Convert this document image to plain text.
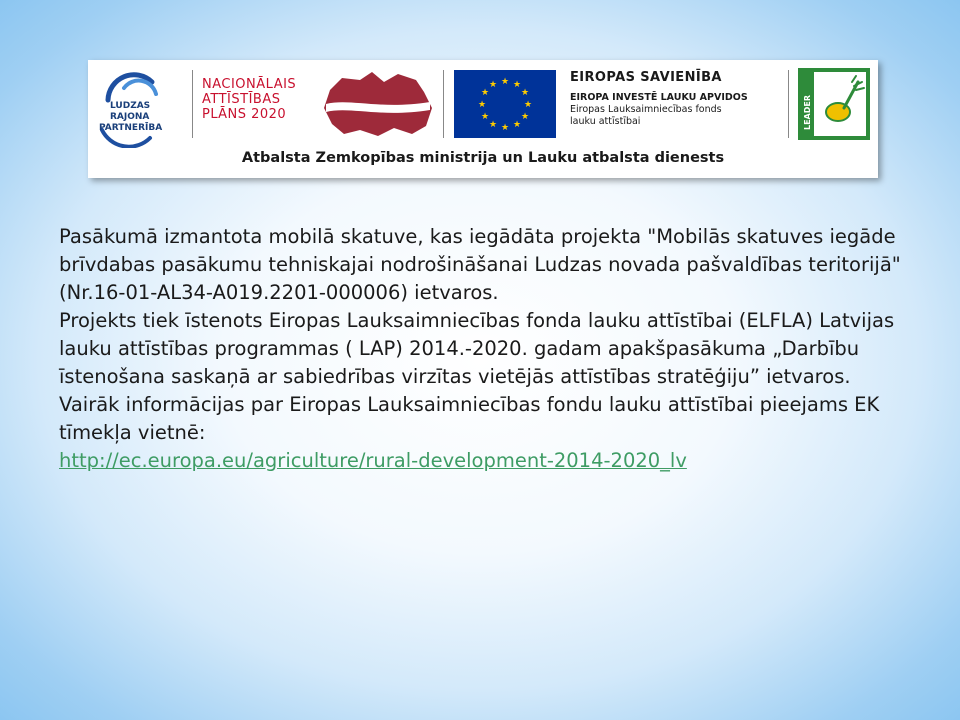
LUDZAS
RAJONA
PARTNERĪBA
NACIONĀLAIS
ATTĪSTĪBAS
PLĀNS 2020
★ ★
★
★
★
★
★
★
★
★
★
★	EIROPAS SAVIENĪBA
EIROPA INVESTĒ LAUKU APVIDOS
Eiropas Lauksaimniecības fonds
lauku attīstībai	LEADER
Atbalsta Zemkopības ministrija un Lauku atbalsta dienests

Pasākumā izmantota mobilā skatuve, kas iegādāta projekta "Mobilās skatuves iegāde brīvdabas pasākumu tehniskajai nodrošināšanai Ludzas novada pašvaldības teritorijā" (Nr.16-01-AL34-A019.2201-000006) ietvaros.

Projekts tiek īstenots Eiropas Lauksaimniecības fonda lauku attīstībai (ELFLA) Latvijas lauku attīstības programmas ( LAP) 2014.-2020. gadam apakšpasākuma „Darbību īstenošana saskaņā ar sabiedrības virzītas vietējās attīstības stratēģiju” ietvaros.

Vairāk informācijas par Eiropas Lauksaimniecības fondu lauku attīstībai pieejams EK tīmekļa vietnē:

http://ec.europa.eu/agriculture/rural-development-2014-2020_lv
